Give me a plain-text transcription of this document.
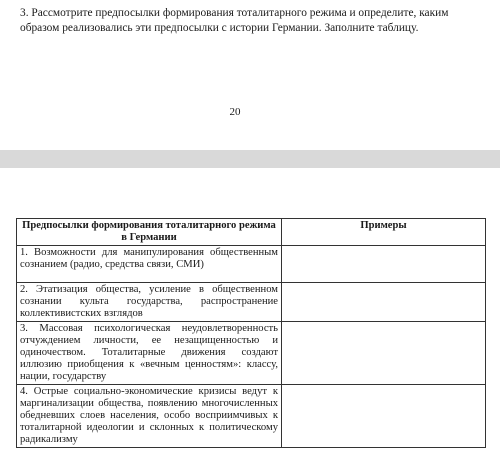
3. Рассмотрите предпосылки формирования тоталитарного режима и определите, каким образом реализовались эти предпосылки с истории Германии. Заполните таблицу.

20
Предпосылки формирования тоталитарного режима в Германии	Примеры
1. Возможности для манипулирования общественным сознанием (радио, средства связи, СМИ)	
2. Этатизация общества, усиление в общественном сознании культа государства, распространение коллективистских взглядов	
3. Массовая психологическая неудовлетворенность отчуждением личности, ее незащищенностью и одиночеством. Тоталитарные движения создают иллюзию приобщения к «вечным ценностям»: классу, нации, государству	
4. Острые социально-экономические кризисы ведут к маргинализации общества, появлению многочисленных обедневших слоев населения, особо восприимчивых к тоталитарной идеологии и склонных к политическому радикализму	
